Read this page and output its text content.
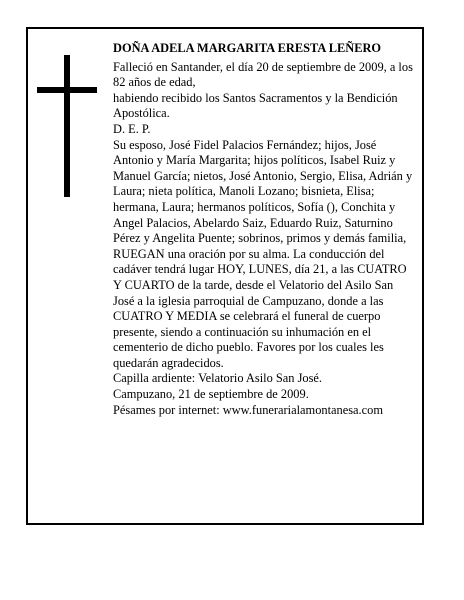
DOÑA ADELA MARGARITA ERESTA LEÑERO

Falleció en Santander, el día 20 de septiembre de 2009, a los 82 años de edad,

habiendo recibido los Santos Sacramentos y la Bendición Apostólica.

D. E. P.

Su esposo, José Fidel Palacios Fernández; hijos, José Antonio y María Margarita; hijos políticos, Isabel Ruiz y Manuel García; nietos, José Antonio, Sergio, Elisa, Adrián y Laura; nieta política, Manoli Lozano; bisnieta, Elisa; hermana, Laura; hermanos políticos, Sofía (), Conchita y Angel Palacios, Abelardo Saiz, Eduardo Ruiz, Saturnino Pérez y Angelita Puente; sobrinos, primos y demás familia,

RUEGAN una oración por su alma. La conducción del cadáver tendrá lugar HOY, LUNES, día 21, a las CUATRO Y CUARTO de la tarde, desde el Velatorio del Asilo San José a la iglesia parroquial de Campuzano, donde a las CUATRO Y MEDIA se celebrará el funeral de cuerpo presente, siendo a continuación su inhumación en el cementerio de dicho pueblo. Favores por los cuales les quedarán agradecidos.

Capilla ardiente: Velatorio Asilo San José.

Campuzano, 21 de septiembre de 2009.

Pésames por internet: www.funerarialamontanesa.com
